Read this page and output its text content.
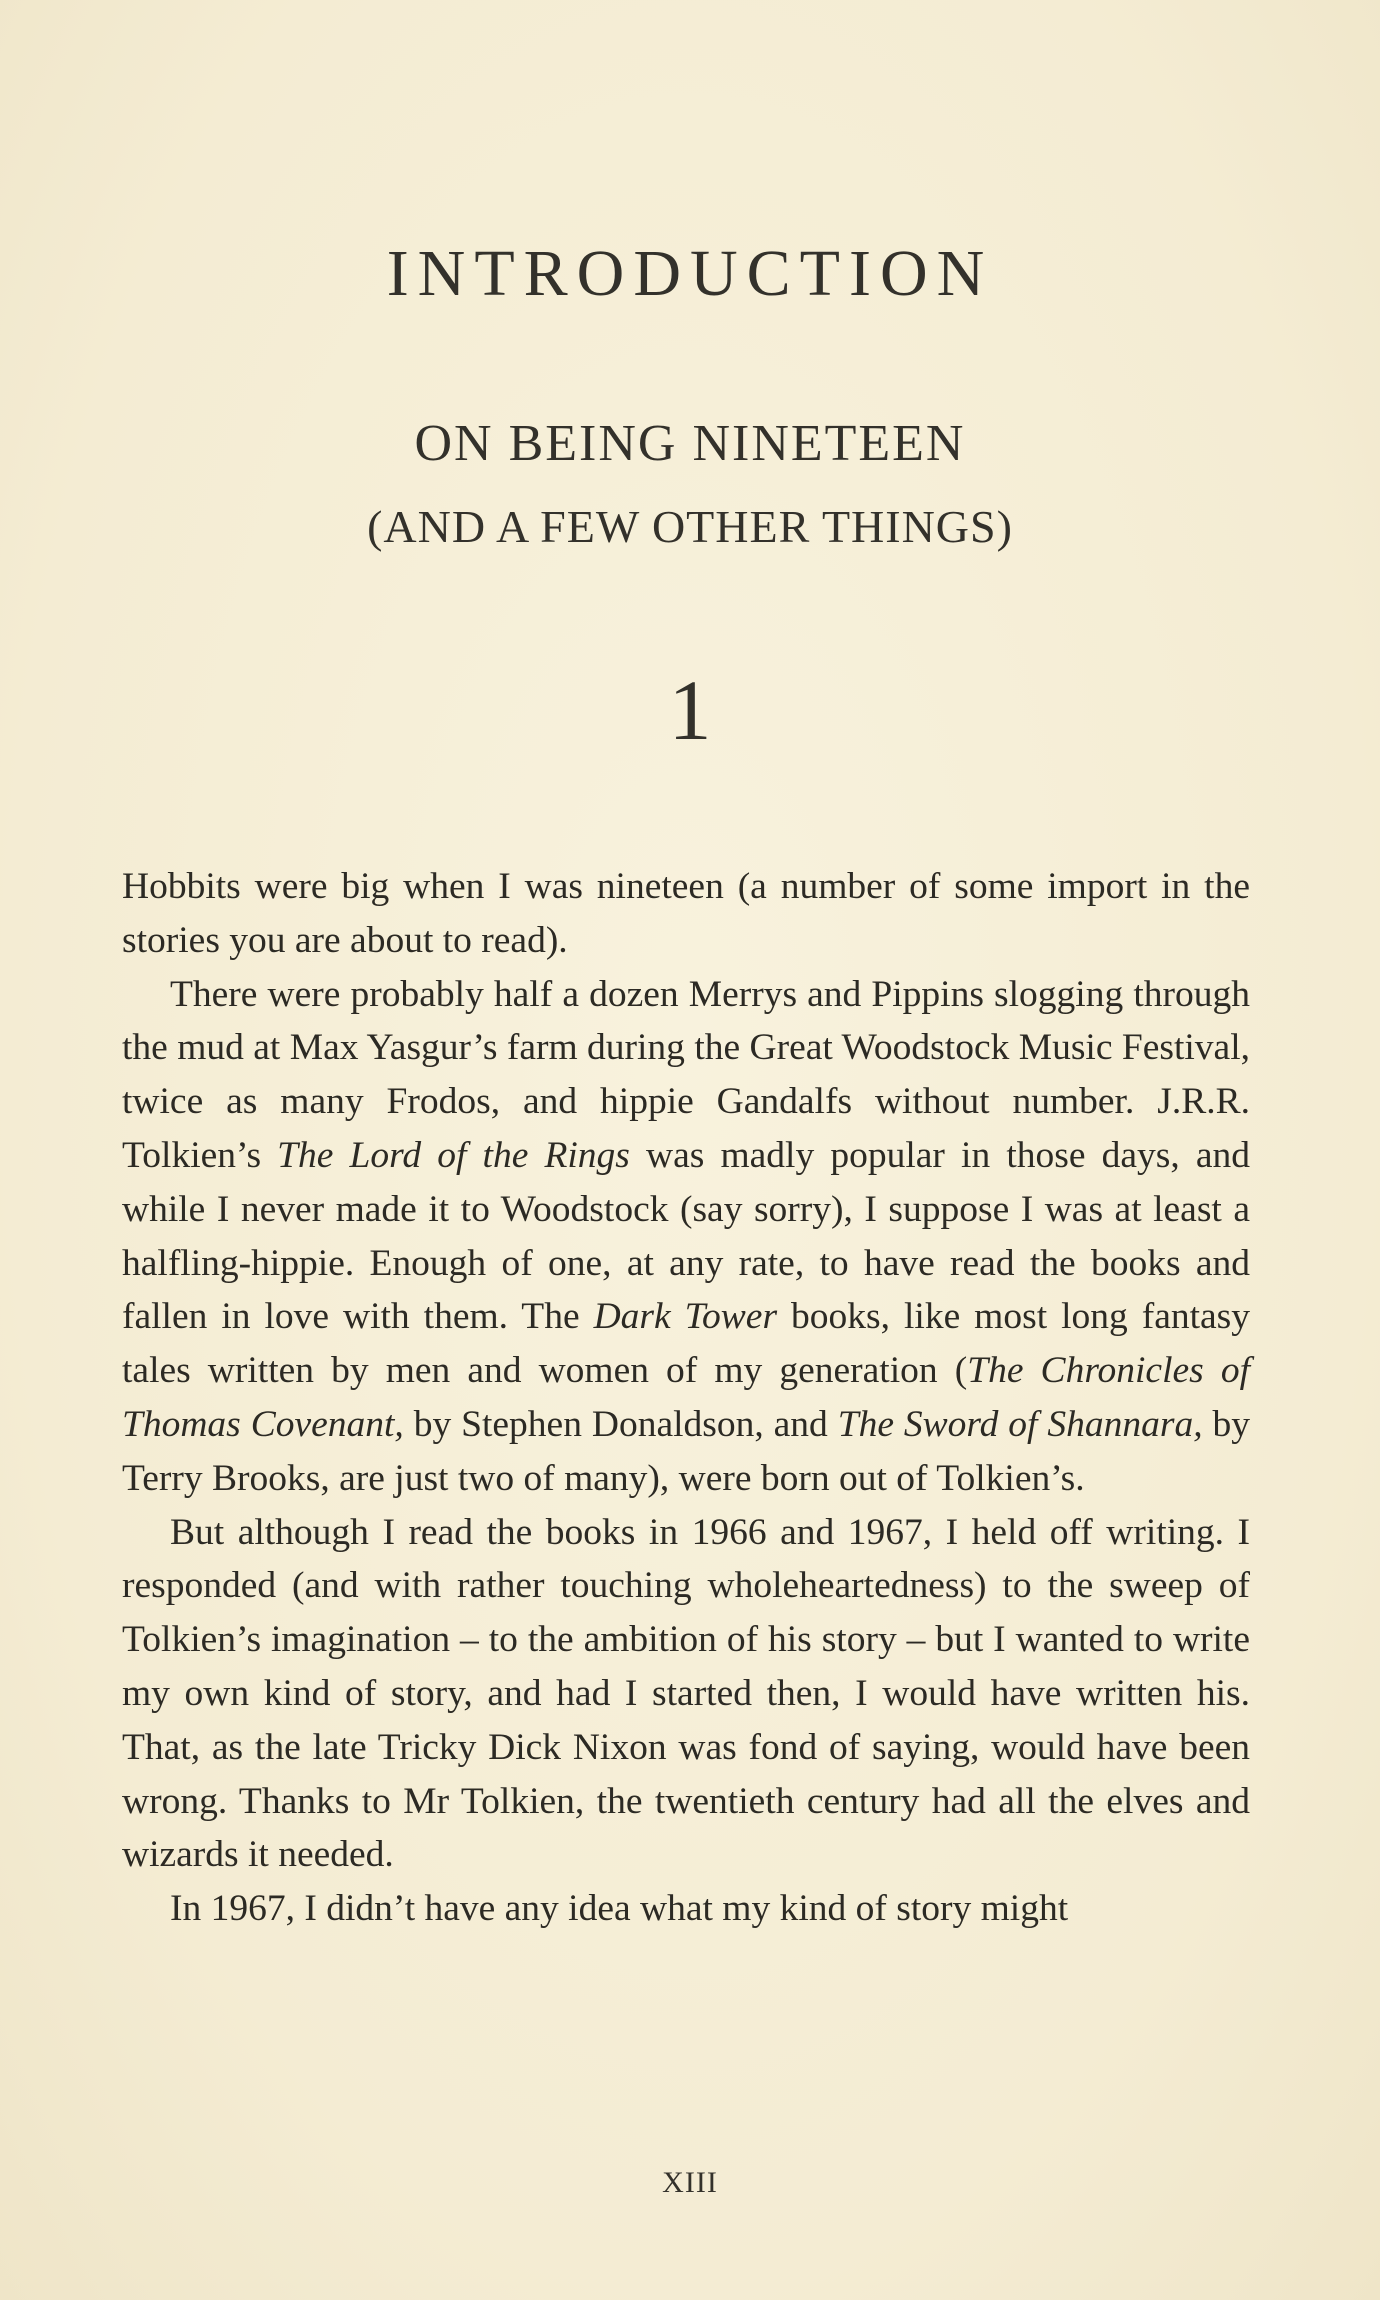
INTRODUCTION
ON BEING NINETEEN
(AND A FEW OTHER THINGS)
1

Hobbits were big when I was nineteen (a number of some import in the stories you are about to read).

There were probably half a dozen Merrys and Pippins slogging through the mud at Max Yasgur’s farm during the Great Woodstock Music Festival, twice as many Frodos, and hippie Gandalfs without number. J.R.R. Tolkien’s The Lord of the Rings was madly popular in those days, and while I never made it to Woodstock (say sorry), I suppose I was at least a halfling-hippie. Enough of one, at any rate, to have read the books and fallen in love with them. The Dark Tower books, like most long fantasy tales written by men and women of my generation (The Chronicles of Thomas Covenant, by Stephen Donaldson, and The Sword of Shannara, by Terry Brooks, are just two of many), were born out of Tolkien’s.

But although I read the books in 1966 and 1967, I held off writing. I responded (and with rather touching wholeheartedness) to the sweep of Tolkien’s imagination – to the ambition of his story – but I wanted to write my own kind of story, and had I started then, I would have written his. That, as the late Tricky Dick Nixon was fond of saying, would have been wrong. Thanks to Mr Tolkien, the twentieth century had all the elves and wizards it needed.

In 1967, I didn’t have any idea what my kind of story might

XIII
